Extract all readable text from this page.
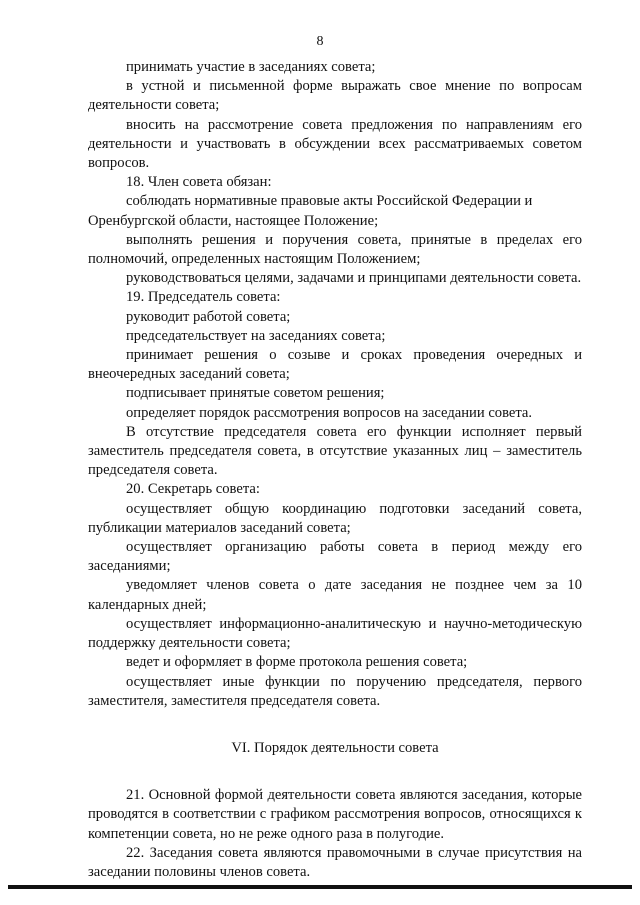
8

принимать участие в заседаниях совета;

в устной и письменной форме выражать свое мнение по вопросам деятельности совета;

вносить на рассмотрение совета предложения по направлениям его деятельности и участвовать в обсуждении всех рассматриваемых советом вопросов.

18. Член совета обязан:

соблюдать нормативные правовые акты Российской Федерации и

Оренбургской области, настоящее Положение;

выполнять решения и поручения совета, принятые в пределах его полномочий, определенных настоящим Положением;

руководствоваться целями, задачами и принципами деятельности совета.

19. Председатель совета:

руководит работой совета;

председательствует на заседаниях совета;

принимает решения о созыве и сроках проведения очередных и внеочередных заседаний совета;

подписывает принятые советом решения;

определяет порядок рассмотрения вопросов на заседании совета.

В отсутствие председателя совета его функции исполняет первый заместитель председателя совета, в отсутствие указанных лиц – заместитель председателя совета.

20. Секретарь совета:

осуществляет общую координацию подготовки заседаний совета, публикации материалов заседаний совета;

осуществляет организацию работы совета в период между его заседаниями;

уведомляет членов совета о дате заседания не позднее чем за 10 календарных дней;

осуществляет информационно-аналитическую и научно-методическую поддержку деятельности совета;

ведет и оформляет в форме протокола решения совета;

осуществляет иные функции по поручению председателя, первого заместителя, заместителя председателя совета.

VI. Порядок деятельности совета

21. Основной формой деятельности совета являются заседания, которые проводятся в соответствии с графиком рассмотрения вопросов, относящихся к компетенции совета, но не реже одного раза в полугодие.

22. Заседания совета являются правомочными в случае присутствия на заседании половины членов совета.
